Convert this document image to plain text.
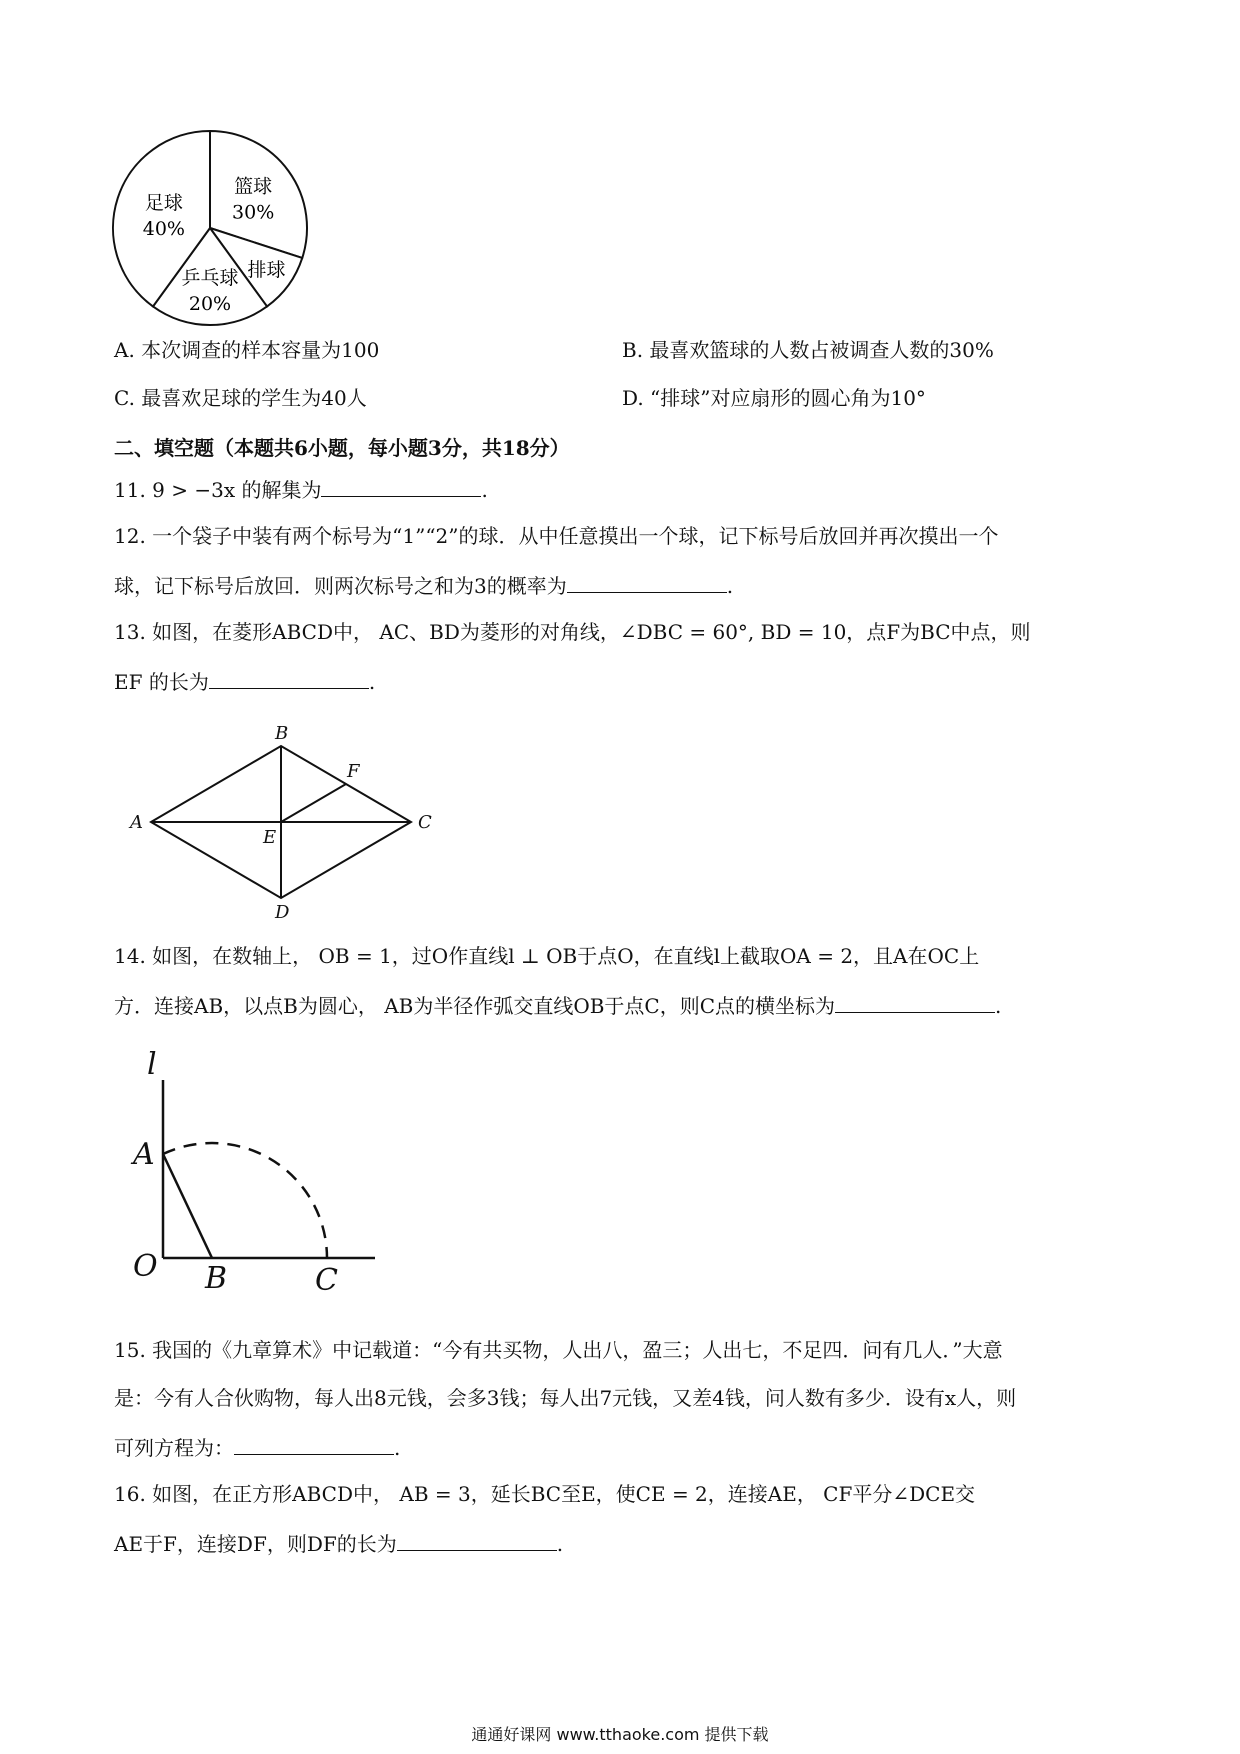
篮球
30%
排球
乒乓球
20%
足球
40%
A. 本次调查的样本容量为100	B. 最喜欢篮球的人数占被调查人数的30%
C. 最喜欢足球的学生为40人	D. “排球”对应扇形的圆心角为10°
二、填空题（本题共6小题，每小题3分，共18分）
11. 9 > −3x 的解集为	.
12. 一个袋子中装有两个标号为“1”“2”的球．从中任意摸出一个球，记下标号后放回并再次摸出一个
球，记下标号后放回．则两次标号之和为3的概率为	.
13. 如图，在菱形ABCD中， AC、BD为菱形的对角线，∠DBC = 60°, BD = 10，点F为BC中点，则
EF 的长为	.
B
F
A	C
E
D
14. 如图，在数轴上， OB = 1，过O作直线l ⊥ OB于点O，在直线l上截取OA = 2，且A在OC上
方．连接AB，以点B为圆心， AB为半径作弧交直线OB于点C，则C点的横坐标为	.
l
A
O B	C
15. 我国的《九章算术》中记载道：“今有共买物，人出八，盈三；人出七，不足四．问有几人．”大意
是：今有人合伙购物，每人出8元钱，会多3钱；每人出7元钱，又差4钱，问人数有多少．设有x人，则
可列方程为：	.
16. 如图，在正方形ABCD中， AB = 3，延长BC至E，使CE = 2，连接AE， CF平分∠DCE交
AE于F，连接DF，则DF的长为	.
通通好课网 www.tthaoke.com 提供下载
